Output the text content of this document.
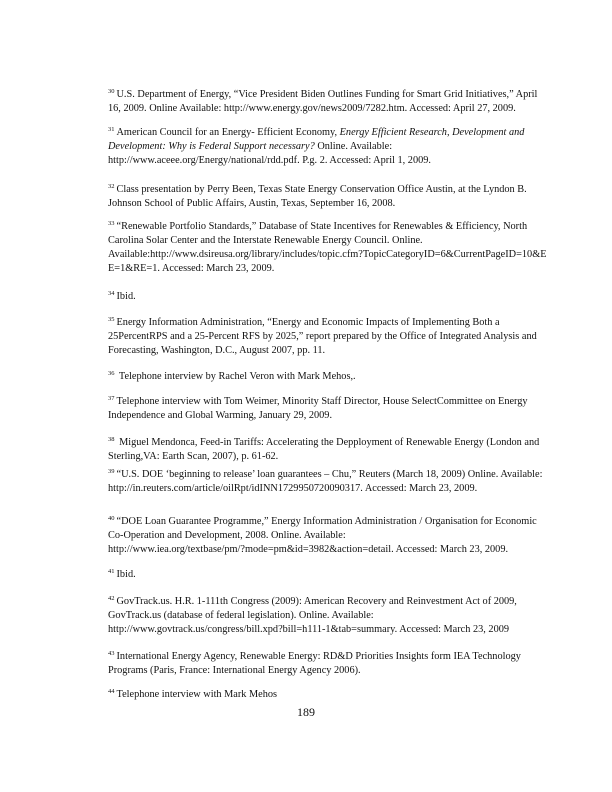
$^{30}$ U.S. Department of Energy, “Vice President Biden Outlines Funding for Smart Grid Initiatives,” April
16, 2009. Online Available: http://www.energy.gov/news2009/7282.htm. Accessed: April 27, 2009.
$^{31}$ American Council for an Energy- Efficient Economy, Energy Efficient Research, Development and
Development: Why is Federal Support necessary? Online. Available:
http://www.aceee.org/Energy/national/rdd.pdf. P.g. 2. Accessed: April 1, 2009.
$^{32}$ Class presentation by Perry Been, Texas State Energy Conservation Office Austin, at the Lyndon B.
Johnson School of Public Affairs, Austin, Texas, September 16, 2008.
$^{33}$ “Renewable Portfolio Standards,” Database of State Incentives for Renewables & Efficiency, North
Carolina Solar Center and the Interstate Renewable Energy Council. Online.
Available:http://www.dsireusa.org/library/includes/topic.cfm?TopicCategoryID=6&CurrentPageID=10&E
E=1&RE=1. Accessed: March 23, 2009.
$^{34}$ Ibid.
$^{35}$ Energy Information Administration, “Energy and Economic Impacts of Implementing Both a
25PercentRPS and a 25-Percent RFS by 2025,” report prepared by the Office of Integrated Analysis and
Forecasting, Washington, D.C., August 2007, pp. 11.
$^{36}$ Telephone interview by Rachel Veron with Mark Mehos,.
$^{37}$ Telephone interview with Tom Weimer, Minority Staff Director, House SelectCommittee on Energy
Independence and Global Warming, January 29, 2009.
$^{38}$ Miguel Mendonca, Feed-in Tariffs: Accelerating the Depployment of Renewable Energy (London and
Sterling,VA: Earth Scan, 2007), p. 61-62.
$^{39}$ “U.S. DOE ‘beginning to release’ loan guarantees – Chu,” Reuters (March 18, 2009) Online. Available:
http://in.reuters.com/article/oilRpt/idINN1729950720090317. Accessed: March 23, 2009.
$^{40}$ “DOE Loan Guarantee Programme,” Energy Information Administration / Organisation for Economic
Co-Operation and Development, 2008. Online. Available:
http://www.iea.org/textbase/pm/?mode=pm&id=3982&action=detail. Accessed: March 23, 2009.
$^{41}$ Ibid.
$^{42}$ GovTrack.us. H.R. 1-111th Congress (2009): American Recovery and Reinvestment Act of 2009,
GovTrack.us (database of federal legislation). Online. Available:
http://www.govtrack.us/congress/bill.xpd?bill=h111-1&tab=summary. Accessed: March 23, 2009
$^{43}$ International Energy Agency, Renewable Energy: RD&D Priorities Insights form IEA Technology
Programs (Paris, France: International Energy Agency 2006).
$^{44}$ Telephone interview with Mark Mehos
189
